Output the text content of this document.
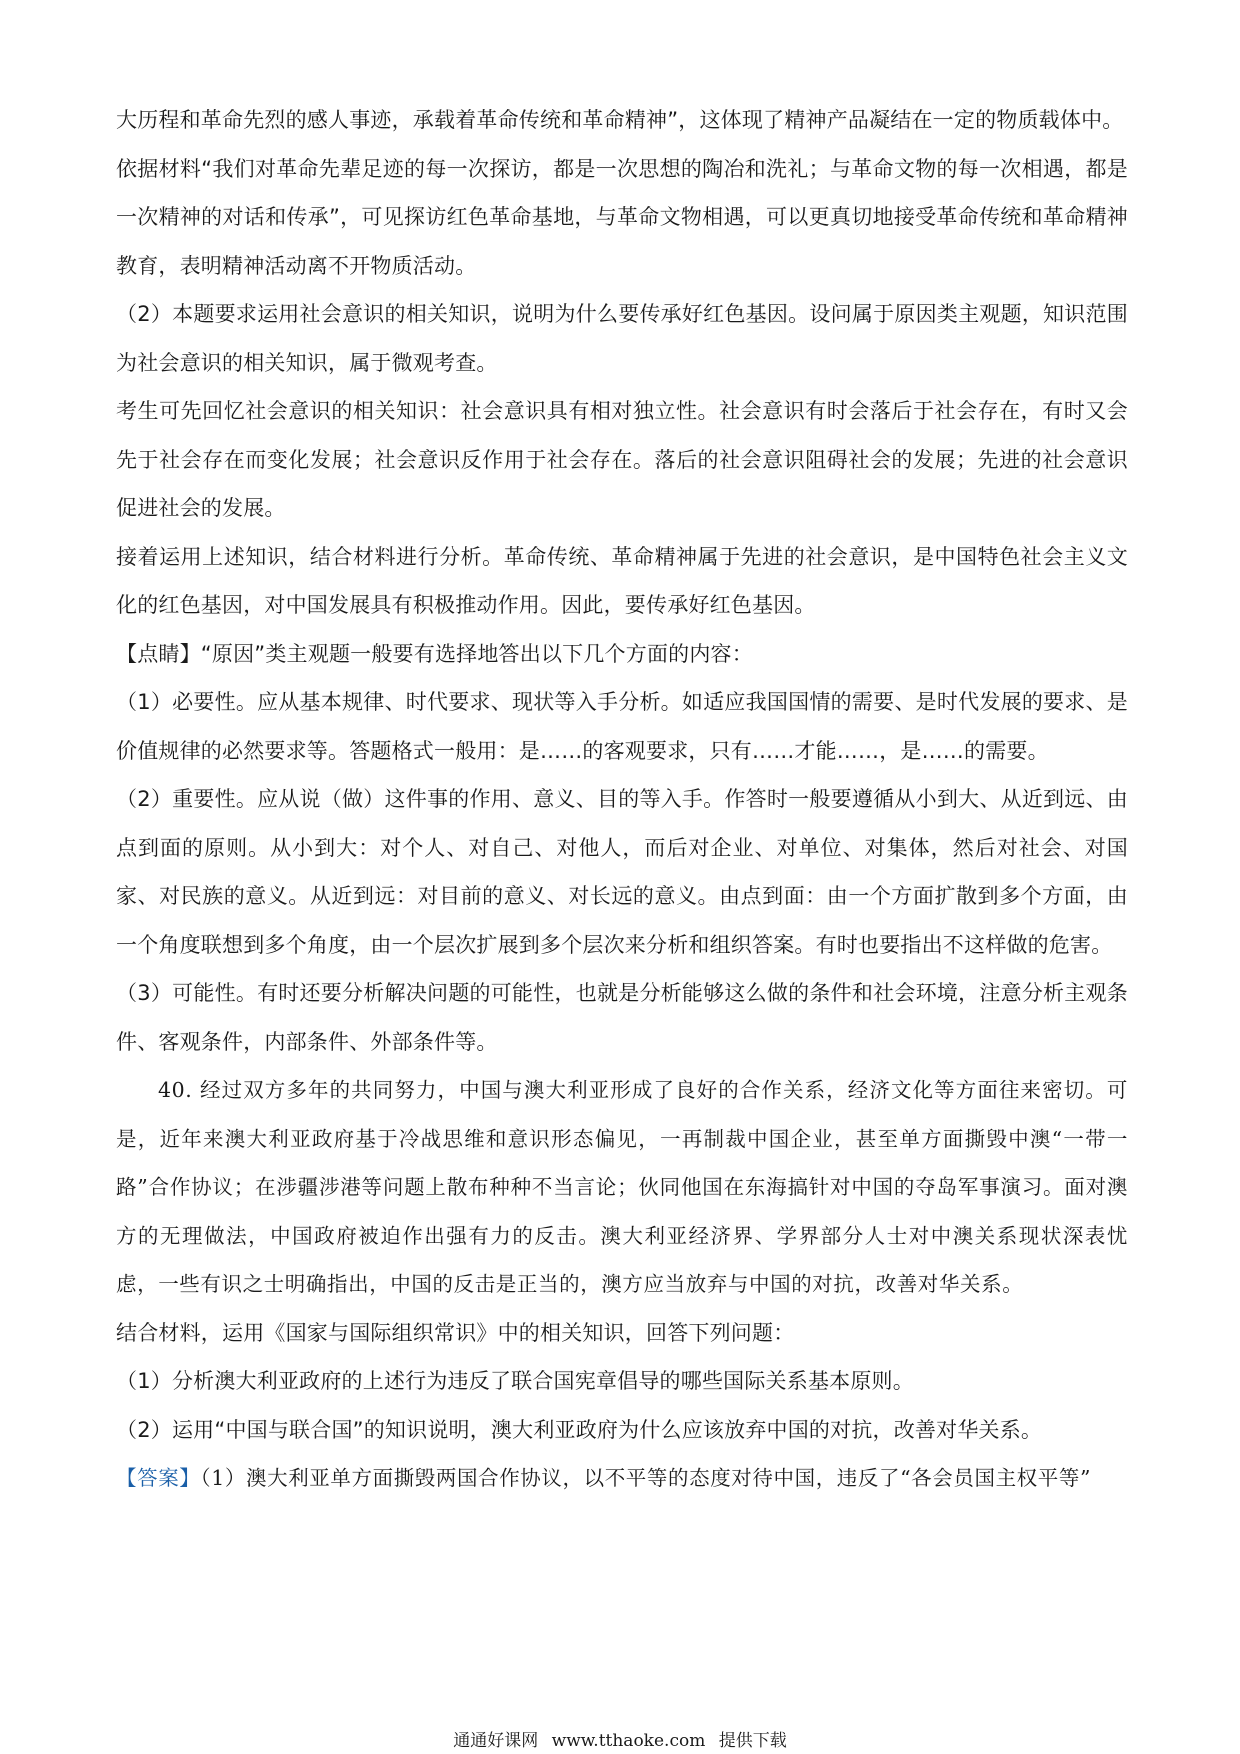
大历程和革命先烈的感人事迹，承载着革命传统和革命精神”，这体现了精神产品凝结在一定的物质载体中。

依据材料“我们对革命先辈足迹的每一次探访，都是一次思想的陶冶和洗礼；与革命文物的每一次相遇，都是一次精神的对话和传承”，可见探访红色革命基地，与革命文物相遇，可以更真切地接受革命传统和革命精神教育，表明精神活动离不开物质活动。

（2）本题要求运用社会意识的相关知识，说明为什么要传承好红色基因。设问属于原因类主观题，知识范围为社会意识的相关知识，属于微观考查。

考生可先回忆社会意识的相关知识：社会意识具有相对独立性。社会意识有时会落后于社会存在，有时又会先于社会存在而变化发展；社会意识反作用于社会存在。落后的社会意识阻碍社会的发展；先进的社会意识促进社会的发展。

接着运用上述知识，结合材料进行分析。革命传统、革命精神属于先进的社会意识，是中国特色社会主义文化的红色基因，对中国发展具有积极推动作用。因此，要传承好红色基因。

【点睛】“原因”类主观题一般要有选择地答出以下几个方面的内容：

（1）必要性。应从基本规律、时代要求、现状等入手分析。如适应我国国情的需要、是时代发展的要求、是价值规律的必然要求等。答题格式一般用：是……的客观要求，只有……才能……，是……的需要。

（2）重要性。应从说（做）这件事的作用、意义、目的等入手。作答时一般要遵循从小到大、从近到远、由点到面的原则。从小到大：对个人、对自己、对他人，而后对企业、对单位、对集体，然后对社会、对国家、对民族的意义。从近到远：对目前的意义、对长远的意义。由点到面：由一个方面扩散到多个方面，由一个角度联想到多个角度，由一个层次扩展到多个层次来分析和组织答案。有时也要指出不这样做的危害。

（3）可能性。有时还要分析解决问题的可能性，也就是分析能够这么做的条件和社会环境，注意分析主观条件、客观条件，内部条件、外部条件等。

40. 经过双方多年的共同努力，中国与澳大利亚形成了良好的合作关系，经济文化等方面往来密切。可是，近年来澳大利亚政府基于冷战思维和意识形态偏见，一再制裁中国企业，甚至单方面撕毁中澳“一带一路”合作协议；在涉疆涉港等问题上散布种种不当言论；伙同他国在东海搞针对中国的夺岛军事演习。面对澳方的无理做法，中国政府被迫作出强有力的反击。澳大利亚经济界、学界部分人士对中澳关系现状深表忧虑，一些有识之士明确指出，中国的反击是正当的，澳方应当放弃与中国的对抗，改善对华关系。

结合材料，运用《国家与国际组织常识》中的相关知识，回答下列问题：

（1）分析澳大利亚政府的上述行为违反了联合国宪章倡导的哪些国际关系基本原则。

（2）运用“中国与联合国”的知识说明，澳大利亚政府为什么应该放弃中国的对抗，改善对华关系。

【答案】（1）澳大利亚单方面撕毁两国合作协议，以不平等的态度对待中国，违反了“各会员国主权平等”

通通好课网 www.tthaoke.com 提供下载
